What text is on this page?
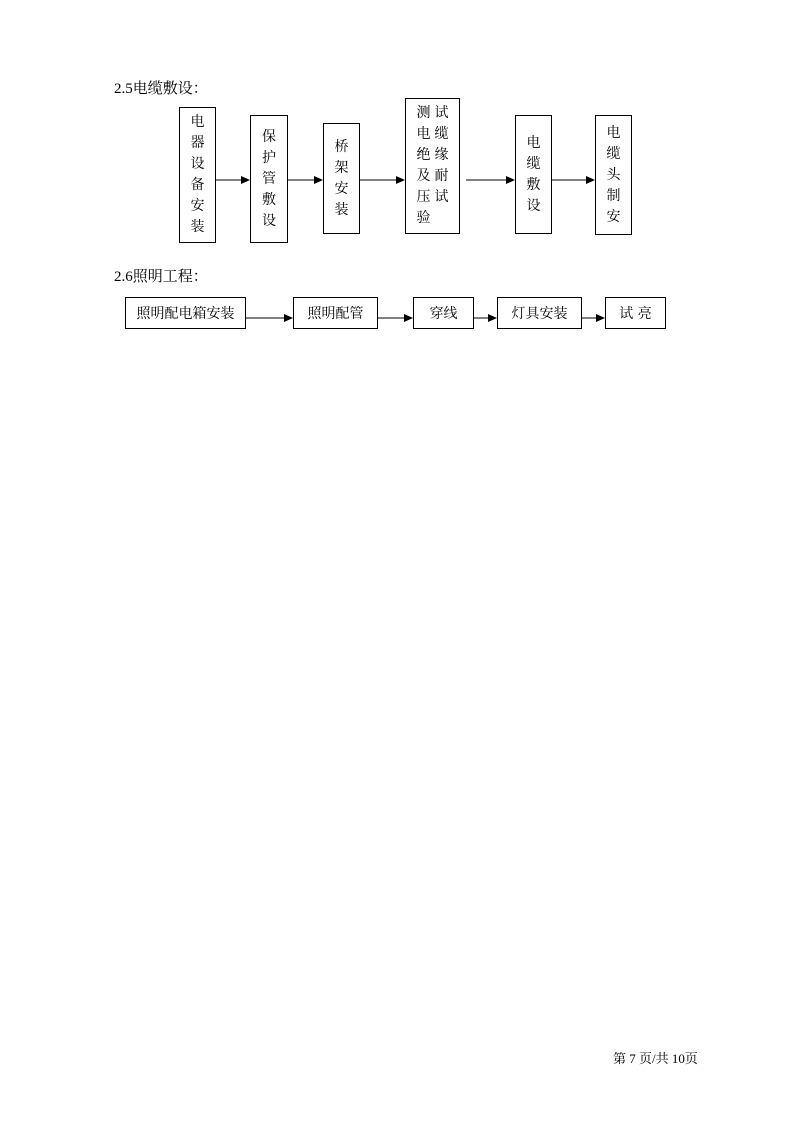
2.5电缆敷设：
电
器
设
备
安
装
保
护
管
敷
设
桥
架
安
装
测
电
绝
及
压
验
试
缆
缘
耐
试
电
缆
敷
设
电
缆
头
制
安
2.6照明工程：
照明配电箱安装	照明配管	穿线	灯具安装	试 亮
第 7 页/共 10页
